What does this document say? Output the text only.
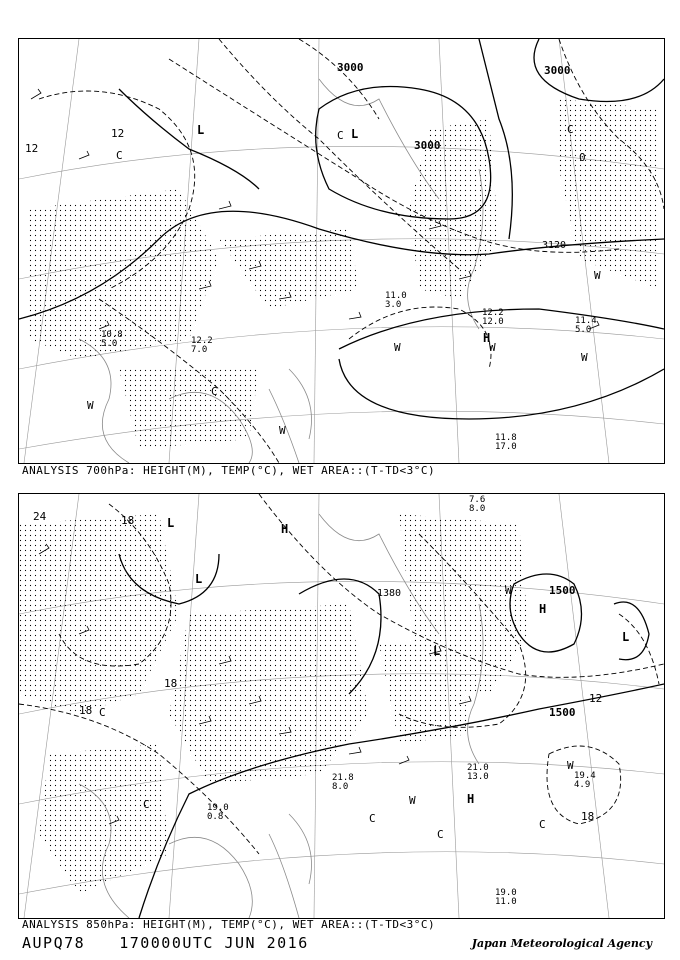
3000	3000
3000
3120
12
12
0
L
C
C L	C
C
H
W
W
W
W
W
W
12.2
12.0
11.8
17.0
11.0
3.0
11.4
5.0
10.8
5.0	12.2
7.0
ANALYSIS 700hPa: HEIGHT(M), TEMP(°C), WET AREA::(T-TD<3°C)
1500
1500
1380
24	18
18
18
12
18
L
L
H
L
L
H
H
W
W
W
C
C
C
C
C
19.0
11.0
21.8
8.0
21.0
13.0	19.4
4.9
7.6
8.0
19.0
0.8
ANALYSIS 850hPa: HEIGHT(M), TEMP(°C), WET AREA::(T-TD<3°C)
AUPQ78 170000UTC JUN 2016	Japan Meteorological Agency
